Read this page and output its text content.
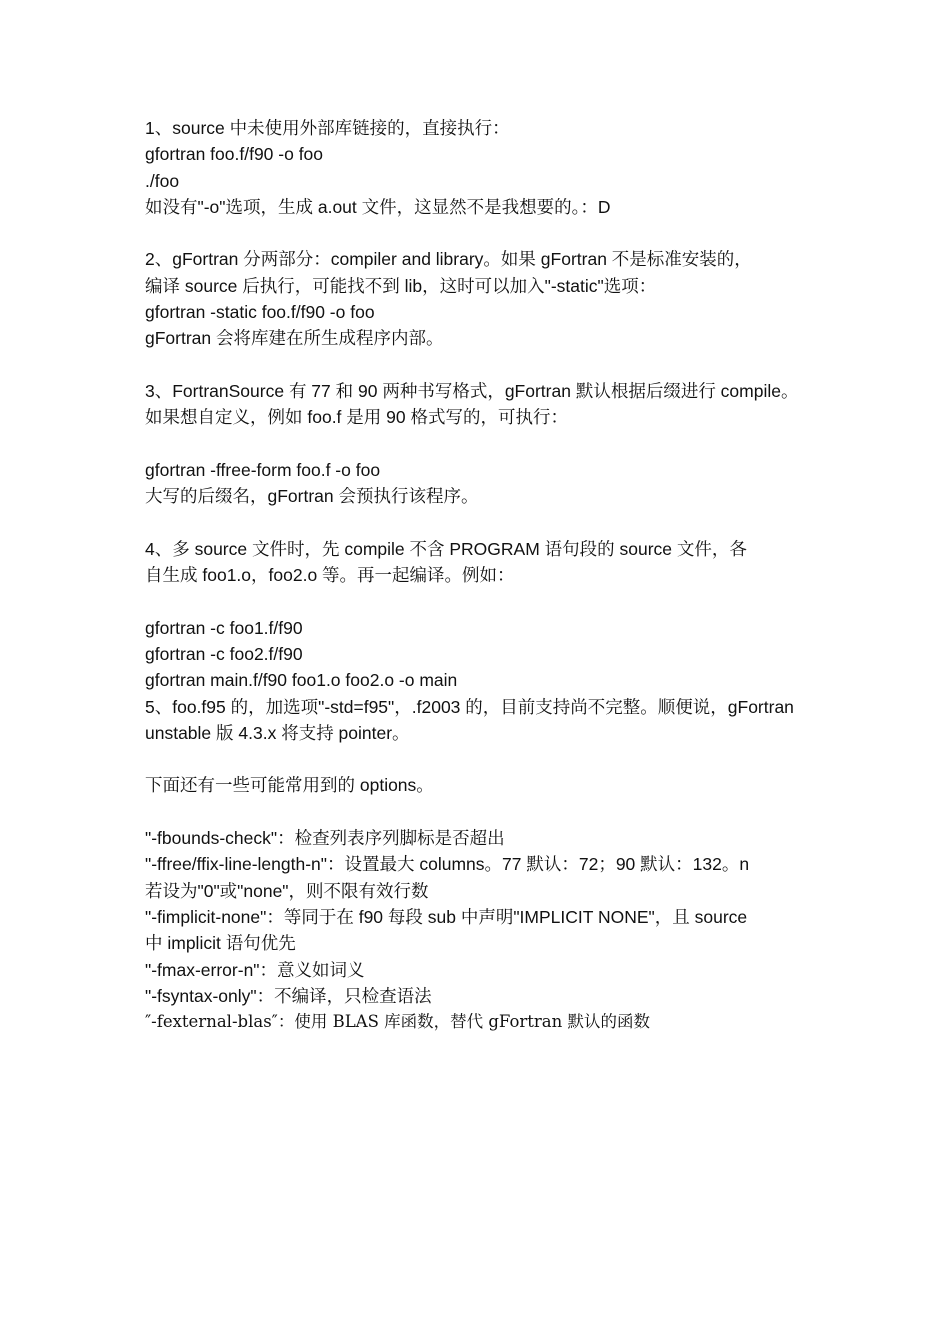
1、source 中未使用外部库链接的，直接执行：
gfortran foo.f/f90 -o foo
./foo
如没有"-o"选项，生成 a.out 文件，这显然不是我想要的。：D
2、gFortran 分两部分：compiler and library。如果 gFortran 不是标准安装的，
编译 source 后执行，可能找不到 lib，这时可以加入"-static"选项：
gfortran -static foo.f/f90 -o foo
gFortran 会将库建在所生成程序内部。
3、FortranSource 有 77 和 90 两种书写格式，gFortran 默认根据后缀进行 compile。
如果想自定义，例如 foo.f 是用 90 格式写的，可执行：
gfortran -ffree-form foo.f -o foo
大写的后缀名，gFortran 会预执行该程序。
4、多 source 文件时，先 compile 不含 PROGRAM 语句段的 source 文件，各
自生成 foo1.o，foo2.o 等。再一起编译。例如：
gfortran -c foo1.f/f90
gfortran -c foo2.f/f90
gfortran main.f/f90 foo1.o foo2.o -o main
5、foo.f95 的，加选项"-std=f95"，.f2003 的，目前支持尚不完整。顺便说，gFortran
unstable 版 4.3.x 将支持 pointer。
下面还有一些可能常用到的 options。
"-fbounds-check"：检查列表序列脚标是否超出
"-ffree/ffix-line-length-n"：设置最大 columns。77 默认：72；90 默认：132。n
若设为"0"或"none"，则不限有效行数
"-fimplicit-none"：等同于在 f90 每段 sub 中声明"IMPLICIT NONE"，且 source
中 implicit 语句优先
"-fmax-error-n"：意义如词义
"-fsyntax-only"：不编译，只检查语法
″-fexternal-blas″：使用 BLAS 库函数，替代 gFortran 默认的函数
